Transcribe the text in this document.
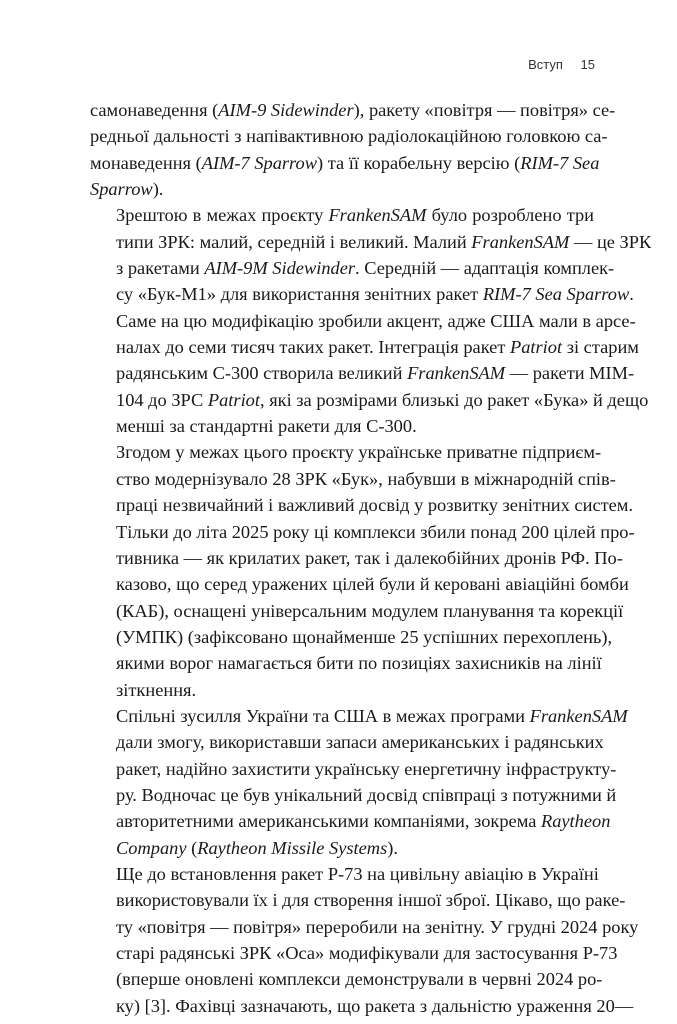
Вступ 15

самонаведення (AIM-9 Sidewinder), ракету «повітря — повітря» се-
редньої дальності з напівактивною радіолокаційною головкою са-
монаведення (AIM-7 Sparrow) та її корабельну версію (RIM-7 Sea
Sparrow).

Зрештою в межах проєкту FrankenSAM було розроблено три
типи ЗРК: малий, середній і великий. Малий FrankenSAM — це ЗРК
з ракетами AIM-9M Sidewinder. Середній — адаптація комплек-
су «Бук-М1» для використання зенітних ракет RIM-7 Sea Sparrow.
Саме на цю модифікацію зробили акцент, адже США мали в арсе-
налах до семи тисяч таких ракет. Інтеграція ракет Patriot зі старим
радянським С-300 створила великий FrankenSAM — ракети MIM-
104 до ЗРС Patriot, які за розмірами близькі до ракет «Бука» й дещо
менші за стандартні ракети для С-300.

Згодом у межах цього проєкту українське приватне підприєм-
ство модернізувало 28 ЗРК «Бук», набувши в міжнародній спів-
праці незвичайний і важливий досвід у розвитку зенітних систем.
Тільки до літа 2025 року ці комплекси збили понад 200 цілей про-
тивника — як крилатих ракет, так і далекобійних дронів РФ. По-
казово, що серед уражених цілей були й керовані авіаційні бомби
(КАБ), оснащені універсальним модулем планування та корекції
(УМПК) (зафіксовано щонайменше 25 успішних перехоплень),
якими ворог намагається бити по позиціях захисників на лінії
зіткнення.

Спільні зусилля України та США в межах програми FrankenSAM
дали змогу, використавши запаси американських і радянських
ракет, надійно захистити українську енергетичну інфраструкту-
ру. Водночас це був унікальний досвід співпраці з потужними й
авторитетними американськими компаніями, зокрема Raytheon
Company (Raytheon Missile Systems).

Ще до встановлення ракет Р-73 на цивільну авіацію в Україні
використовували їх і для створення іншої зброї. Цікаво, що раке-
ту «повітря — повітря» переробили на зенітну. У грудні 2024 року
старі радянські ЗРК «Оса» модифікували для застосування Р-73
(вперше оновлені комплекси демонстрували в червні 2024 ро-
ку) [3]. Фахівці зазначають, що ракета з дальністю ураження 20—
